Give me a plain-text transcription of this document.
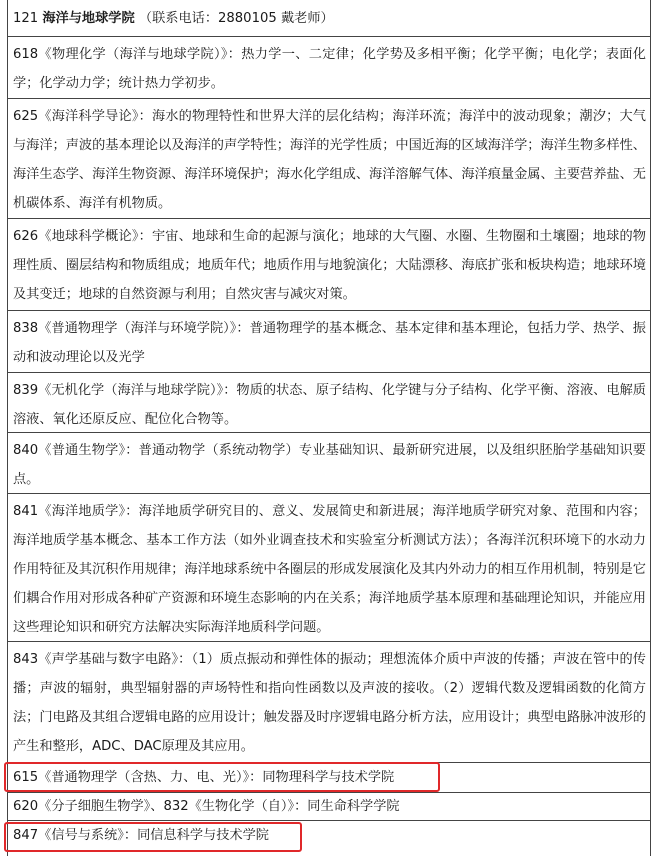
121 海洋与地球学院 （联系电话：2880105 戴老师）
618《物理化学（海洋与地球学院）》：热力学一、二定律；化学势及多相平衡；化学平衡；电化学；表面化学；化学动力学；统计热力学初步。
625《海洋科学导论》：海水的物理特性和世界大洋的层化结构；海洋环流；海洋中的波动现象；潮汐；大气与海洋；声波的基本理论以及海洋的声学特性；海洋的光学性质；中国近海的区域海洋学；海洋生物多样性、海洋生态学、海洋生物资源、海洋环境保护；海水化学组成、海洋溶解气体、海洋痕量金属、主要营养盐、无机碳体系、海洋有机物质。
626《地球科学概论》：宇宙、地球和生命的起源与演化；地球的大气圈、水圈、生物圈和土壤圈；地球的物理性质、圈层结构和物质组成；地质年代；地质作用与地貌演化；大陆漂移、海底扩张和板块构造；地球环境及其变迁；地球的自然资源与利用；自然灾害与减灾对策。
838《普通物理学（海洋与环境学院）》：普通物理学的基本概念、基本定律和基本理论，包括力学、热学、振动和波动理论以及光学
839《无机化学（海洋与地球学院）》：物质的状态、原子结构、化学键与分子结构、化学平衡、溶液、电解质溶液、氧化还原反应、配位化合物等。
840《普通生物学》：普通动物学（系统动物学）专业基础知识、最新研究进展，以及组织胚胎学基础知识要点。
841《海洋地质学》：海洋地质学研究目的、意义、发展简史和新进展；海洋地质学研究对象、范围和内容；海洋地质学基本概念、基本工作方法（如外业调查技术和实验室分析测试方法）；各海洋沉积环境下的水动力作用特征及其沉积作用规律；海洋地球系统中各圈层的形成发展演化及其内外动力的相互作用机制，特别是它们耦合作用对形成各种矿产资源和环境生态影响的内在关系；海洋地质学基本原理和基础理论知识，并能应用这些理论知识和研究方法解决实际海洋地质科学问题。
843《声学基础与数字电路》：（1）质点振动和弹性体的振动；理想流体介质中声波的传播；声波在管中的传播；声波的辐射，典型辐射器的声场特性和指向性函数以及声波的接收。（2）逻辑代数及逻辑函数的化简方法；门电路及其组合逻辑电路的应用设计；触发器及时序逻辑电路分析方法，应用设计；典型电路脉冲波形的产生和整形，ADC、DAC原理及其应用。
615《普通物理学（含热、力、电、光）》：同物理科学与技术学院
620《分子细胞生物学》、832《生物化学（自）》：同生命科学学院
847《信号与系统》：同信息科学与技术学院
